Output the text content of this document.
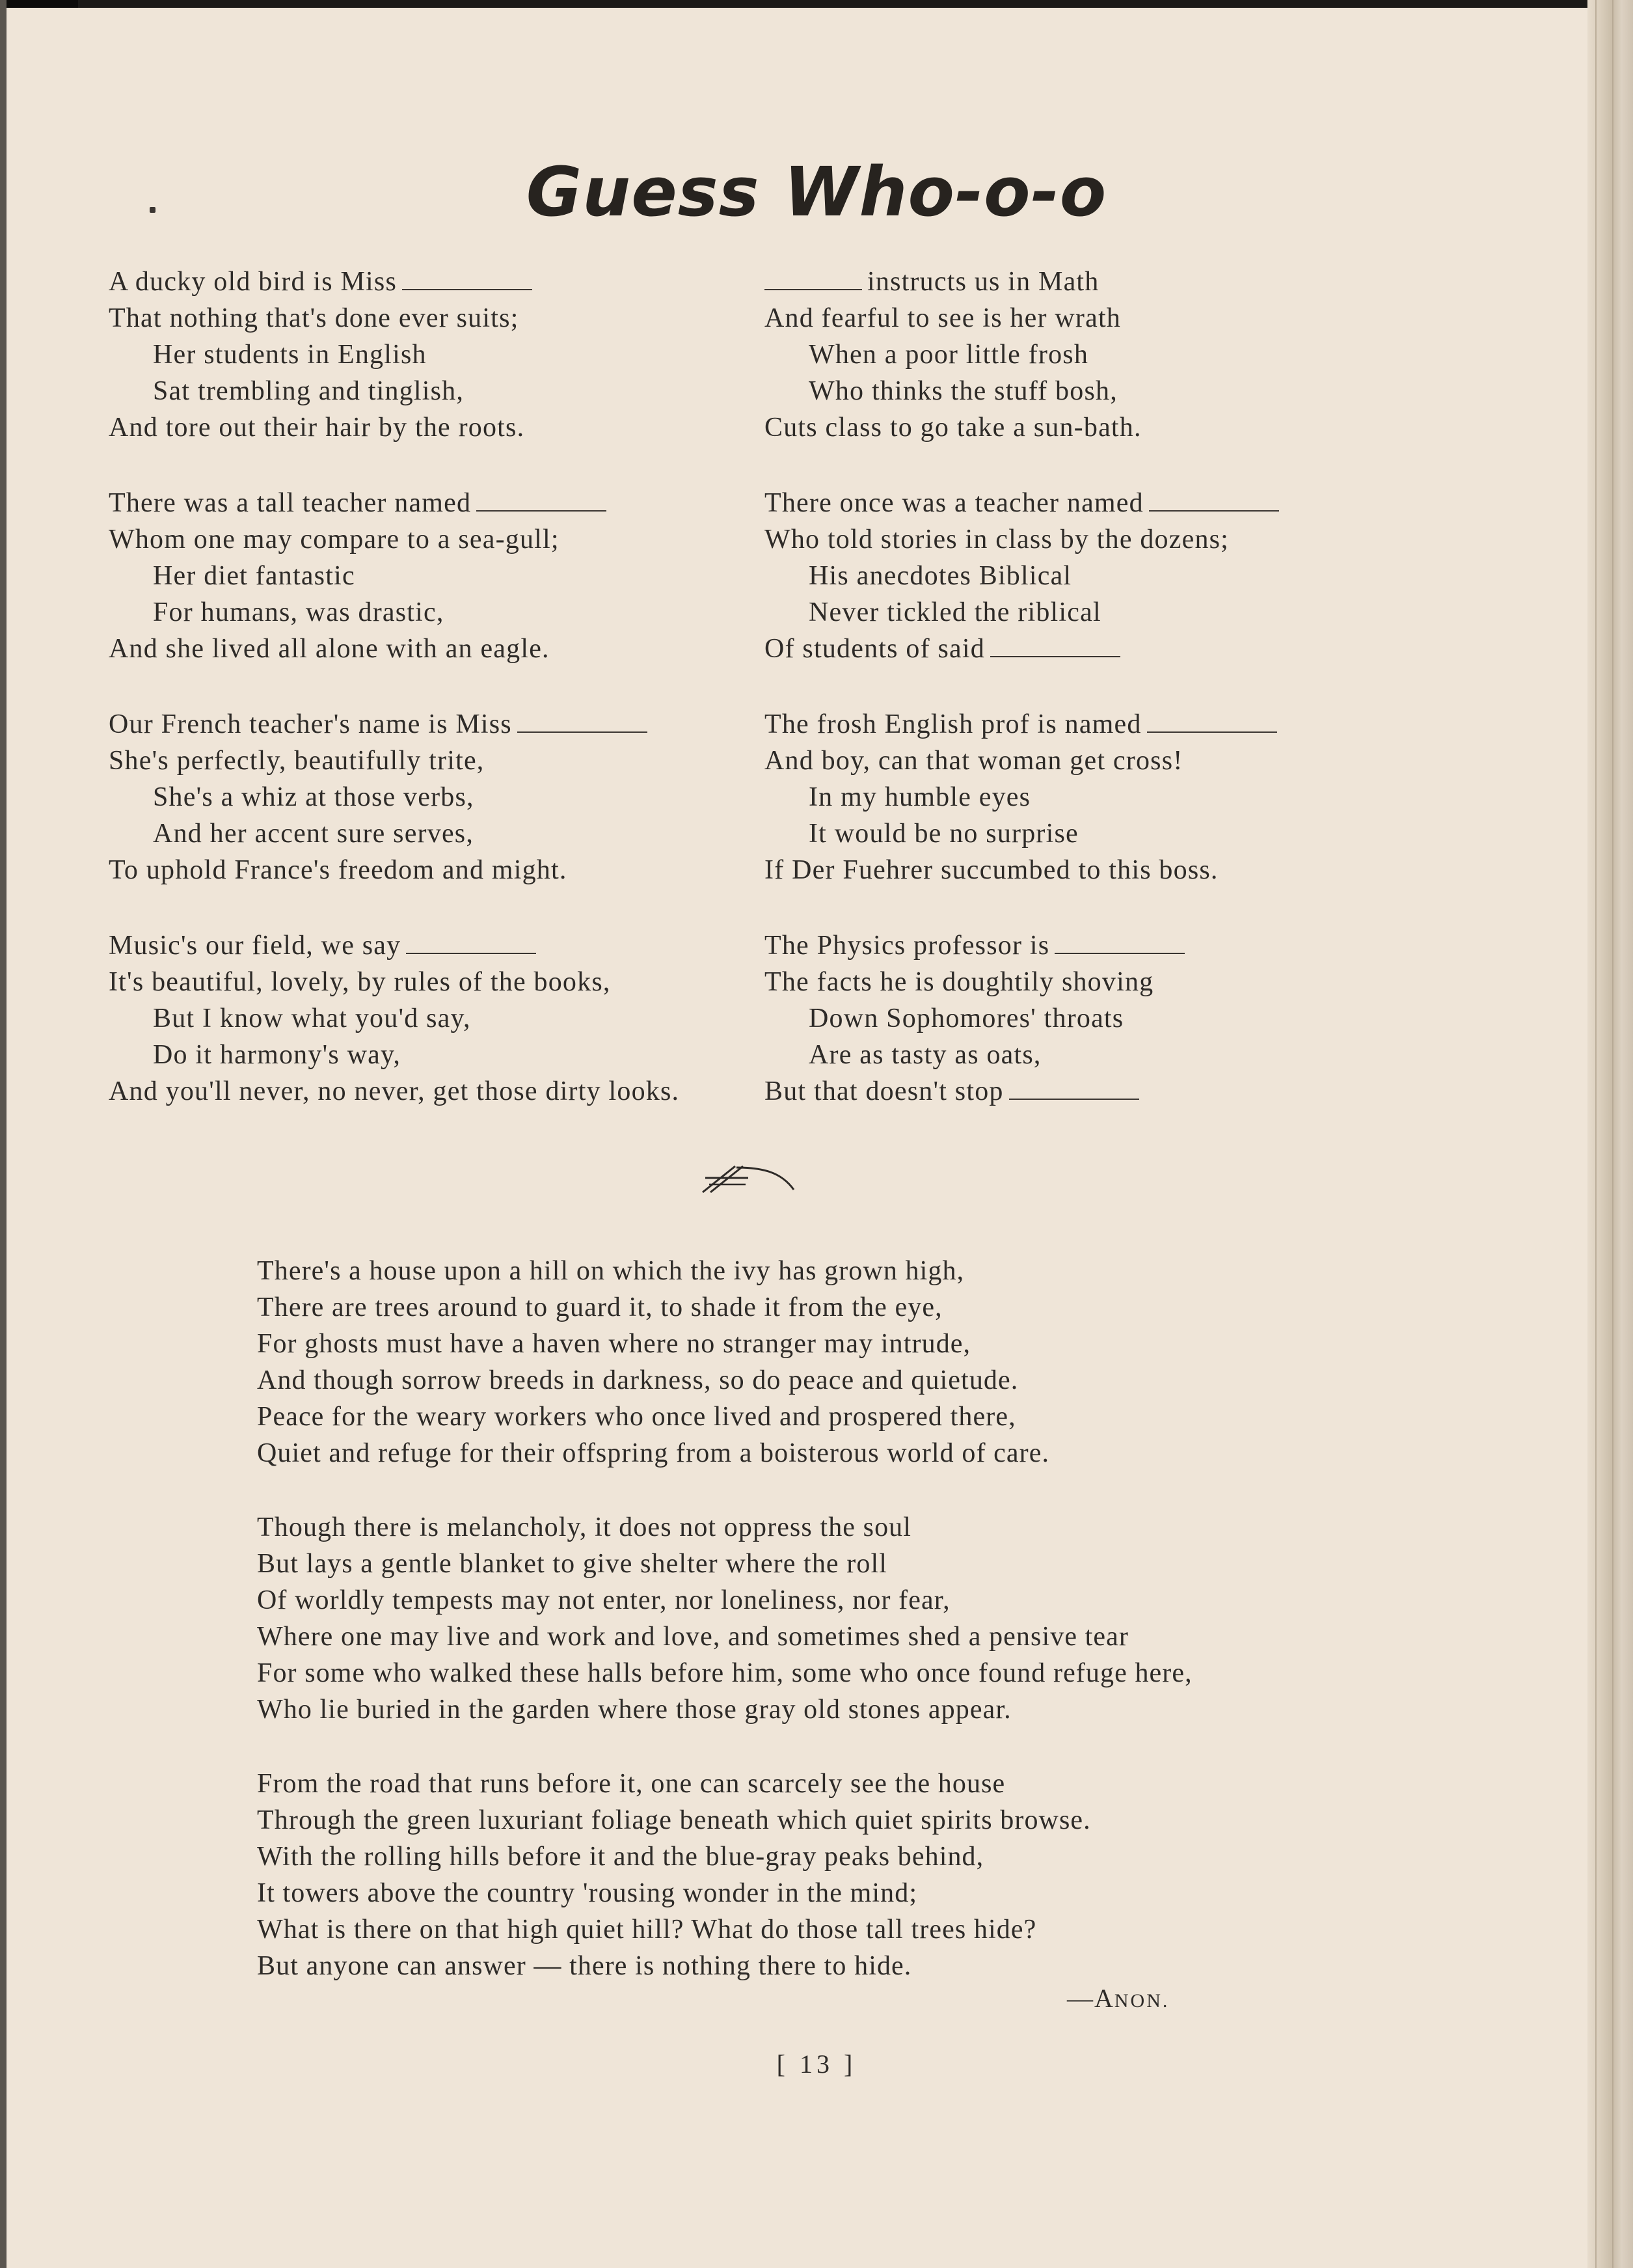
Guess Who-o-o
A ducky old bird is Miss
That nothing that's done ever suits;
Her students in English
Sat trembling and tinglish,
And tore out their hair by the roots.
There was a tall teacher named
Whom one may compare to a sea-gull;
Her diet fantastic
For humans, was drastic,
And she lived all alone with an eagle.
Our French teacher's name is Miss
She's perfectly, beautifully trite,
She's a whiz at those verbs,
And her accent sure serves,
To uphold France's freedom and might.
Music's our field, we say
It's beautiful, lovely, by rules of the books,
But I know what you'd say,
Do it harmony's way,
And you'll never, no never, get those dirty looks.
instructs us in Math
And fearful to see is her wrath
When a poor little frosh
Who thinks the stuff bosh,
Cuts class to go take a sun-bath.
There once was a teacher named
Who told stories in class by the dozens;
His anecdotes Biblical
Never tickled the riblical
Of students of said
The frosh English prof is named
And boy, can that woman get cross!
In my humble eyes
It would be no surprise
If Der Fuehrer succumbed to this boss.
The Physics professor is
The facts he is doughtily shoving
Down Sophomores' throats
Are as tasty as oats,
But that doesn't stop
There's a house upon a hill on which the ivy has grown high,
There are trees around to guard it, to shade it from the eye,
For ghosts must have a haven where no stranger may intrude,
And though sorrow breeds in darkness, so do peace and quietude.
Peace for the weary workers who once lived and prospered there,
Quiet and refuge for their offspring from a boisterous world of care.
Though there is melancholy, it does not oppress the soul
But lays a gentle blanket to give shelter where the roll
Of worldly tempests may not enter, nor loneliness, nor fear,
Where one may live and work and love, and sometimes shed a pensive tear
For some who walked these halls before him, some who once found refuge here,
Who lie buried in the garden where those gray old stones appear.
From the road that runs before it, one can scarcely see the house
Through the green luxuriant foliage beneath which quiet spirits browse.
With the rolling hills before it and the blue-gray peaks behind,
It towers above the country 'rousing wonder in the mind;
What is there on that high quiet hill? What do those tall trees hide?
But anyone can answer — there is nothing there to hide.
—ANON.
[ 13 ]
